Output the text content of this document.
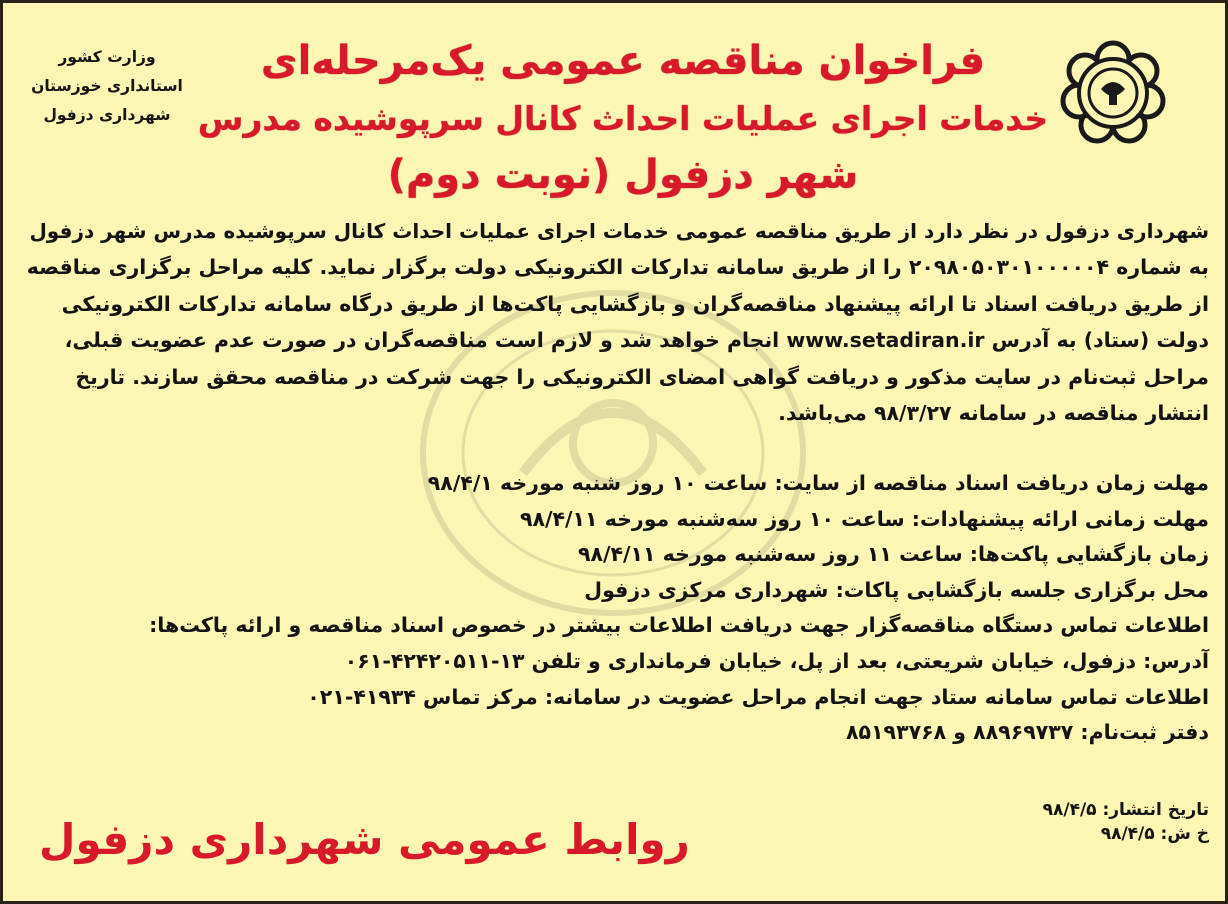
فراخوان مناقصه عمومی یک‌مرحله‌ای
خدمات اجرای عملیات احداث کانال سرپوشیده مدرس
شهر دزفول (نوبت دوم)
وزارت کشور
استانداری خوزستان
شهرداری دزفول
شهرداری دزفول در نظر دارد از طریق مناقصه عمومی خدمات اجرای عملیات احداث کانال سرپوشیده مدرس شهر دزفول
به شماره ۲۰۹۸۰۵۰۳۰۱۰۰۰۰۰۴ را از طریق سامانه تدارکات الکترونیکی دولت برگزار نماید. کلیه مراحل برگزاری مناقصه
از طریق دریافت اسناد تا ارائه پیشنهاد مناقصه‌گران و بازگشایی پاکت‌ها از طریق درگاه سامانه تدارکات الکترونیکی
دولت (ستاد) به آدرس www.setadiran.ir انجام خواهد شد و لازم است مناقصه‌گران در صورت عدم عضویت قبلی،
مراحل ثبت‌نام در سایت مذکور و دریافت گواهی امضای الکترونیکی را جهت شرکت در مناقصه محقق سازند. تاریخ
انتشار مناقصه در سامانه ۹۸/۳/۲۷ می‌باشد.
مهلت زمان دریافت اسناد مناقصه از سایت: ساعت ۱۰ روز شنبه مورخه ۹۸/۴/۱
مهلت زمانی ارائه پیشنهادات: ساعت ۱۰ روز سه‌شنبه مورخه ۹۸/۴/۱۱
زمان بازگشایی پاکت‌ها: ساعت ۱۱ روز سه‌شنبه مورخه ۹۸/۴/۱۱
محل برگزاری جلسه بازگشایی پاکات: شهرداری مرکزی دزفول
اطلاعات تماس دستگاه مناقصه‌گزار جهت دریافت اطلاعات بیشتر در خصوص اسناد مناقصه و ارائه پاکت‌ها:
آدرس: دزفول، خیابان شریعتی، بعد از پل، خیابان فرمانداری و تلفن ۱۳-۴۲۴۲۰۵۱۱-۰۶۱
اطلاعات تماس سامانه ستاد جهت انجام مراحل عضویت در سامانه: مرکز تماس ۴۱۹۳۴-۰۲۱
دفتر ثبت‌نام: ۸۸۹۶۹۷۳۷ و ۸۵۱۹۳۷۶۸
تاریخ انتشار: ۹۸/۴/۵
خ ش: ۹۸/۴/۵
روابط عمومی شهرداری دزفول
